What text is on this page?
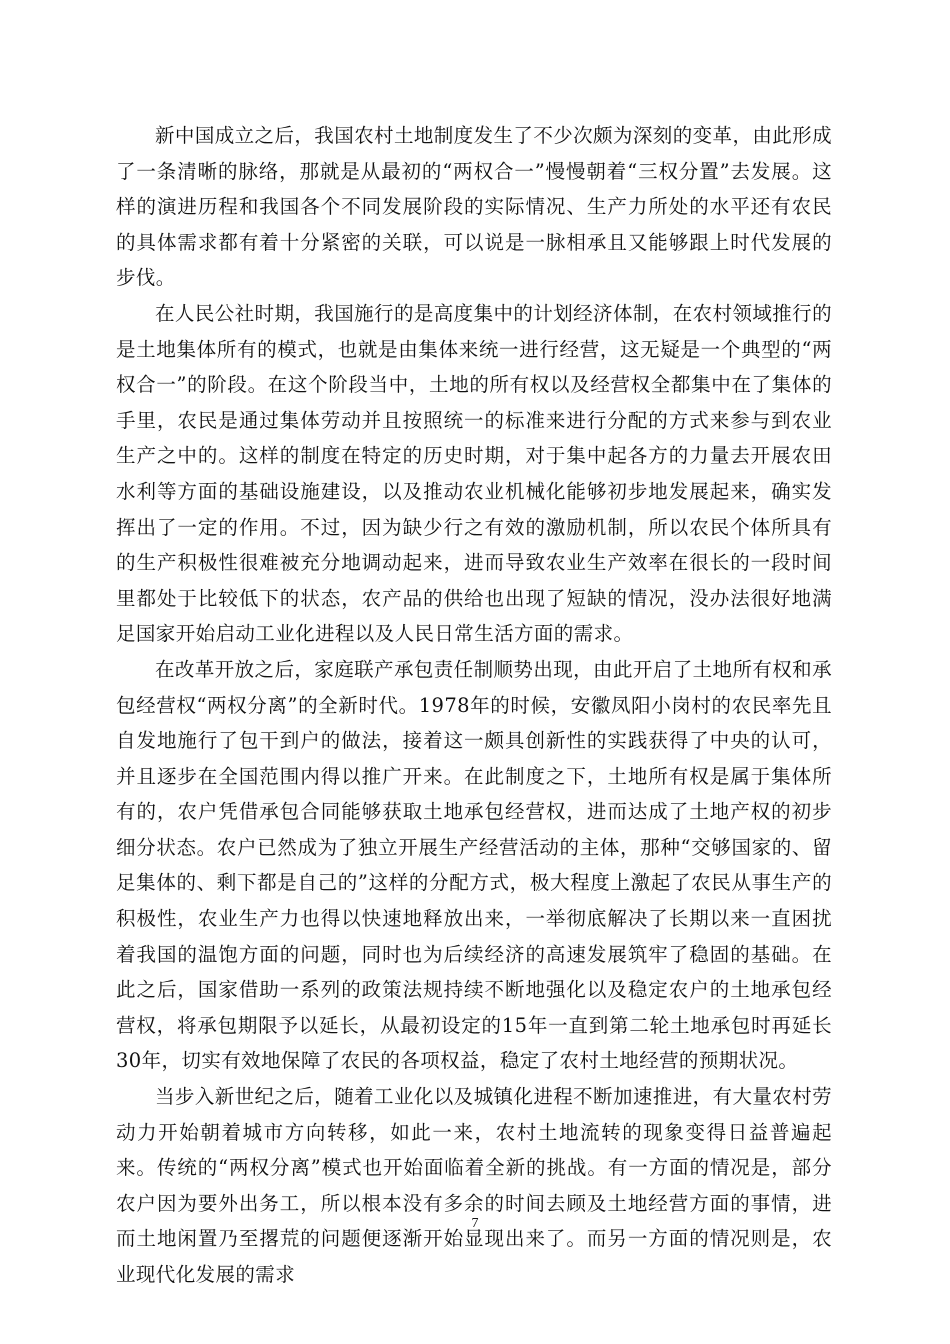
新中国成立之后，我国农村土地制度发生了不少次颇为深刻的变革，由此形成了一条清晰的脉络，那就是从最初的“两权合一”慢慢朝着“三权分置”去发展。这样的演进历程和我国各个不同发展阶段的实际情况、生产力所处的水平还有农民的具体需求都有着十分紧密的关联，可以说是一脉相承且又能够跟上时代发展的步伐。

在人民公社时期，我国施行的是高度集中的计划经济体制，在农村领域推行的是土地集体所有的模式，也就是由集体来统一进行经营，这无疑是一个典型的“两权合一”的阶段。在这个阶段当中，土地的所有权以及经营权全都集中在了集体的手里，农民是通过集体劳动并且按照统一的标准来进行分配的方式来参与到农业生产之中的。这样的制度在特定的历史时期，对于集中起各方的力量去开展农田水利等方面的基础设施建设，以及推动农业机械化能够初步地发展起来，确实发挥出了一定的作用。不过，因为缺少行之有效的激励机制，所以农民个体所具有的生产积极性很难被充分地调动起来，进而导致农业生产效率在很长的一段时间里都处于比较低下的状态，农产品的供给也出现了短缺的情况，没办法很好地满足国家开始启动工业化进程以及人民日常生活方面的需求。

在改革开放之后，家庭联产承包责任制顺势出现，由此开启了土地所有权和承包经营权“两权分离”的全新时代。1978年的时候，安徽凤阳小岗村的农民率先且自发地施行了包干到户的做法，接着这一颇具创新性的实践获得了中央的认可，并且逐步在全国范围内得以推广开来。在此制度之下，土地所有权是属于集体所有的，农户凭借承包合同能够获取土地承包经营权，进而达成了土地产权的初步细分状态。农户已然成为了独立开展生产经营活动的主体，那种“交够国家的、留足集体的、剩下都是自己的”这样的分配方式，极大程度上激起了农民从事生产的积极性，农业生产力也得以快速地释放出来，一举彻底解决了长期以来一直困扰着我国的温饱方面的问题，同时也为后续经济的高速发展筑牢了稳固的基础。在此之后，国家借助一系列的政策法规持续不断地强化以及稳定农户的土地承包经营权，将承包期限予以延长，从最初设定的15年一直到第二轮土地承包时再延长30年，切实有效地保障了农民的各项权益，稳定了农村土地经营的预期状况。

当步入新世纪之后，随着工业化以及城镇化进程不断加速推进，有大量农村劳动力开始朝着城市方向转移，如此一来，农村土地流转的现象变得日益普遍起来。传统的“两权分离”模式也开始面临着全新的挑战。有一方面的情况是，部分农户因为要外出务工，所以根本没有多余的时间去顾及土地经营方面的事情，进而土地闲置乃至撂荒的问题便逐渐开始显现出来了。而另一方面的情况则是，农业现代化发展的需求

7
